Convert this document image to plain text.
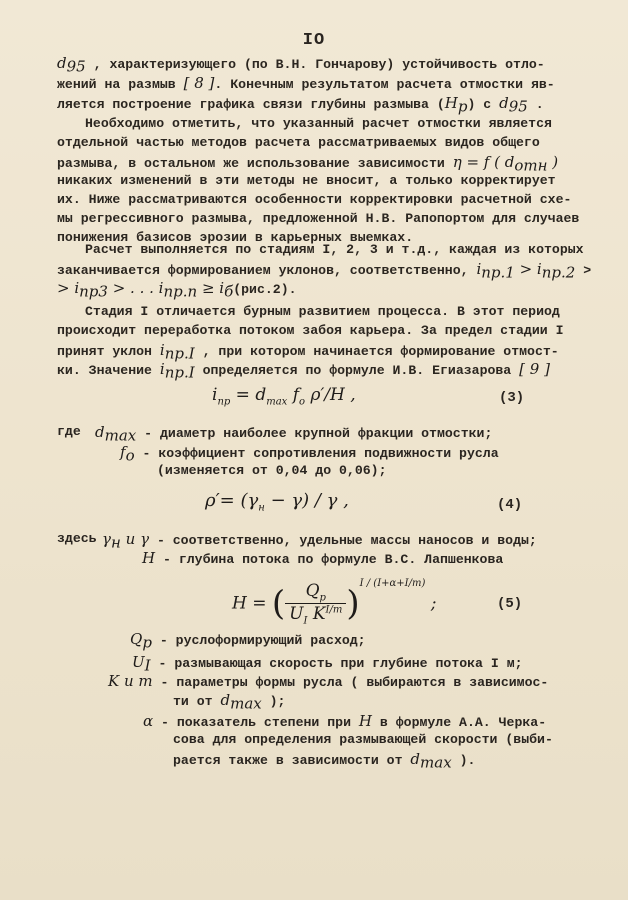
IO
$d_{95}$ , характеризующего (по В.Н. Гончарову) устойчивость отло-
жений на размыв [ 8 ]. Конечным результатом расчета отмостки яв-
ляется построение графика связи глубины размыва $(H_p)$ с $d_{95}$ .
Необходимо отметить, что указанный расчет отмостки является
отдельной частью методов расчета рассматриваемых видов общего
размыва, в остальном же использование зависимости η = f ( $d_{отн}$ )
никаких изменений в эти методы не вносит, а только корректирует
их. Ниже рассматриваются особенности корректировки расчетной схе-
мы регрессивного размыва, предложенной Н.В. Рапопортом для случаев
понижения базисов эрозии в карьерных выемках.
Расчет выполняется по стадиям I, 2, 3 и т.д., каждая из которых
заканчивается формированием уклонов, соответственно, $i_{пр.1} > i_{пр.2}$ >
> $i_{пр3}$ > . . . $i_{пр.n} \ge i_б(рис.2)$.
Стадия I отличается бурным развитием процесса. В этот период
происходит переработка потоком забоя карьера. За предел стадии I
принят уклон $i_{пр.I}$ , при котором начинается формирование отмост-
ки. Значение $i_{пр.I}$ определяется по формуле И.В. Егиазарова [ 9 ]
$i_{пр} = d_{max}$ $f_o$ ρ′/H ,	(3)
где $d_{max}$ - диаметр наиболее крупной фракции отмостки;
$f_o$ - коэффициент сопротивления подвижности русла
(изменяется от 0,04 до 0,06);
$\rho'= (\gamma_н - \gamma) / \gamma$ ,	(4)
здесь $\gamma_н$ и γ - соответственно, удельные массы наносов и воды;
H - глубина потока по формуле В.С. Лапшенкова
H = ( $\frac{Q_p}{U_I K^{I/m}} )^{I / (I+\alpha+I/m)}$ ;	(5)
$Q_p$ - руслоформирующий расход;
$U_I$ - размывающая скорость при глубине потока I м;
K и m - параметры формы русла ( выбираются в зависимос-
ти от $d_{max}$ );
α - показатель степени при H в формуле А.А. Черка-
сова для определения размывающей скорости (выби-
рается также в зависимости от $d_{max}$ ).
